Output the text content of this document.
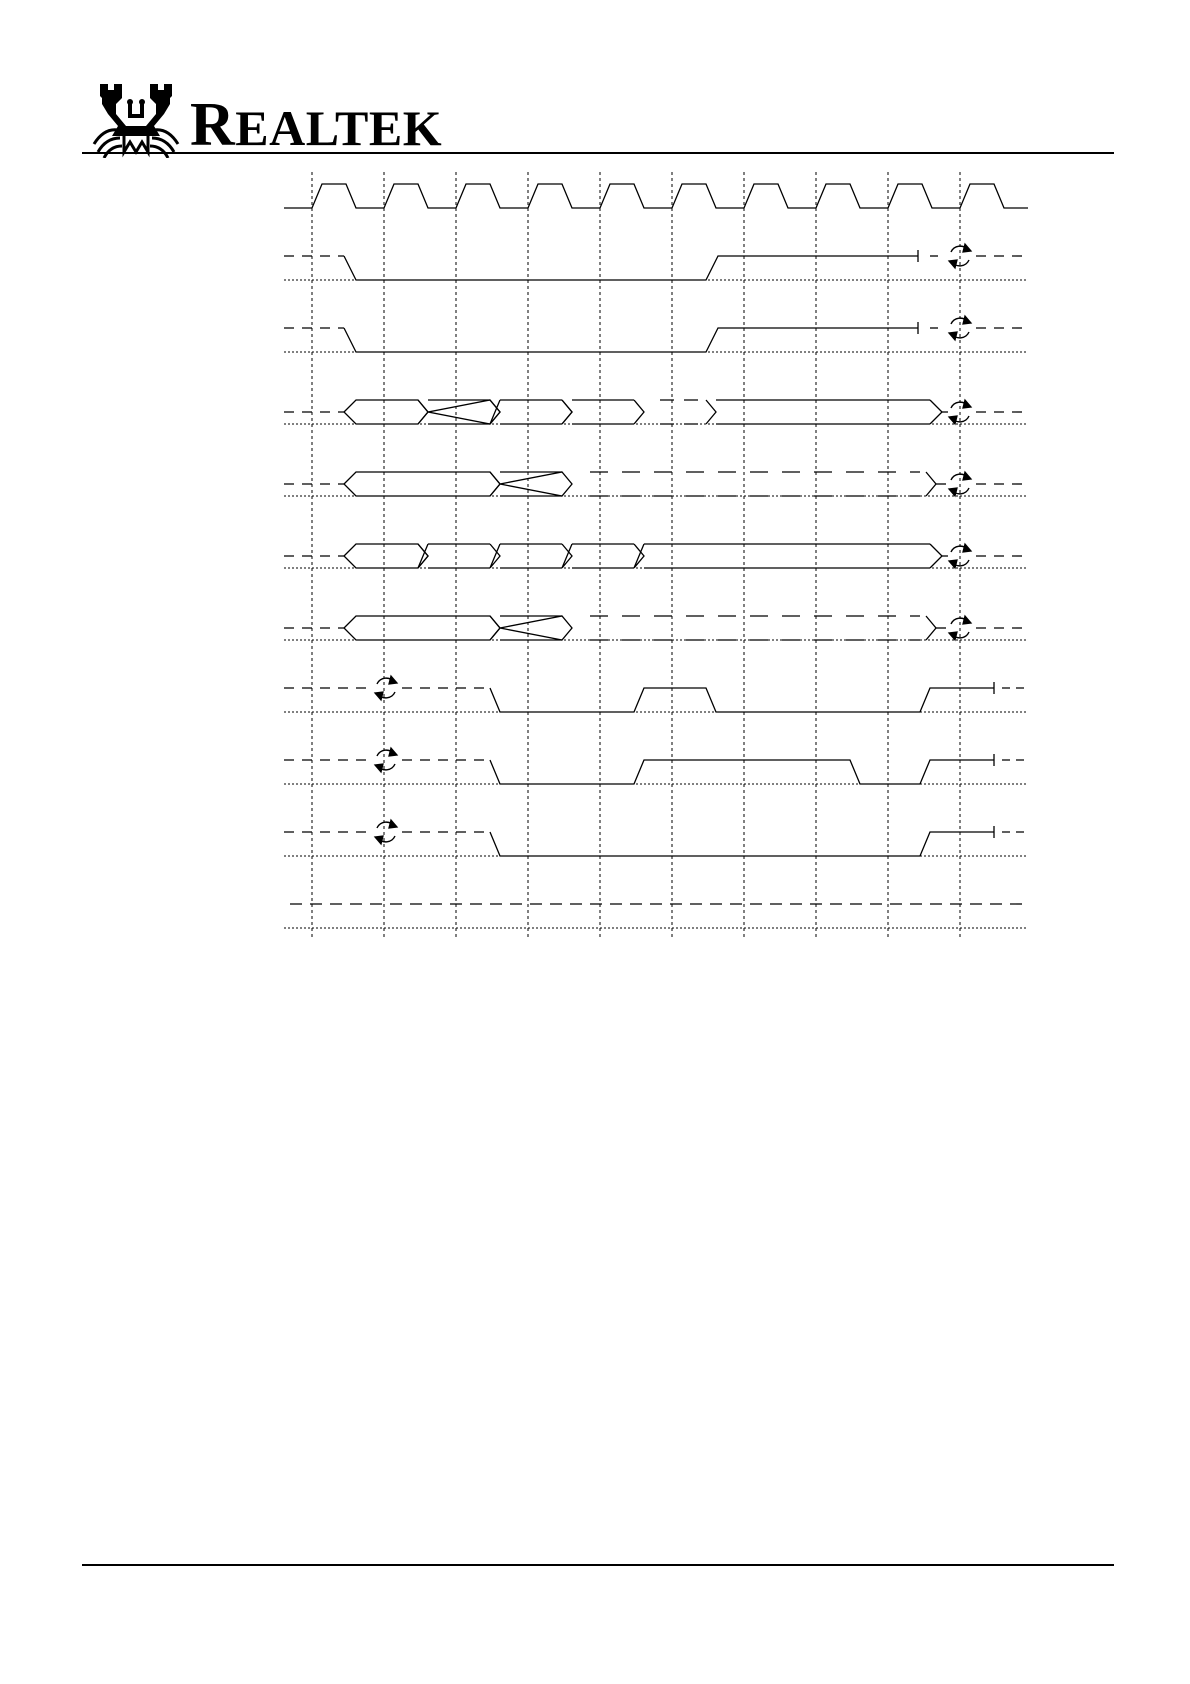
REALTEK
